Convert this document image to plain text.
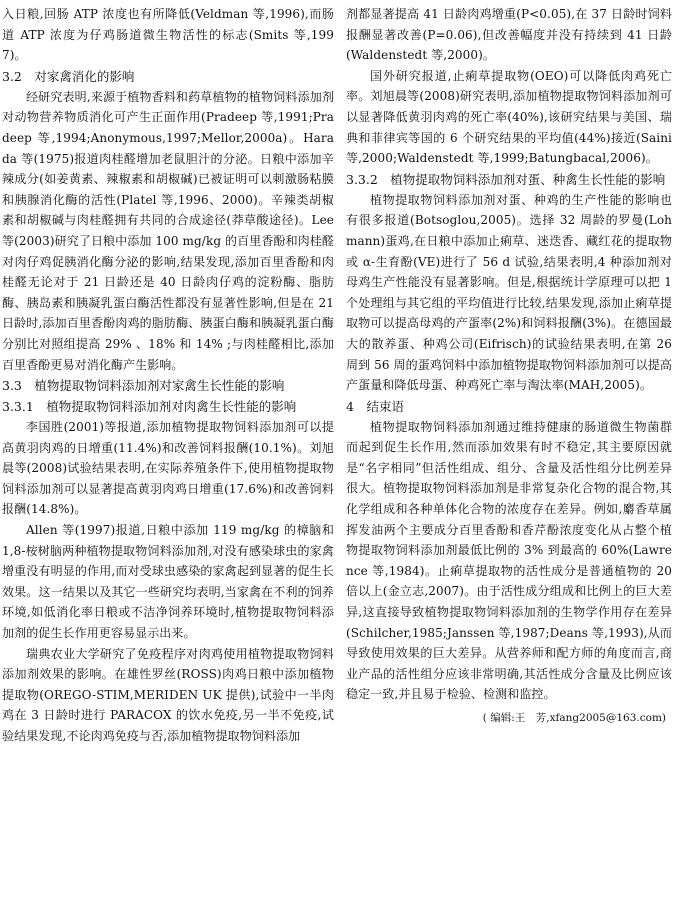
入日粮,回肠 ATP 浓度也有所降低(Veldman 等,1996),而肠道 ATP 浓度为仔鸡肠道微生物活性的标志(Smits 等,1997)。

3.2　对家禽消化的影响

经研究表明,来源于植物香料和药草植物的植物饲料添加剂对动物营养物质消化可产生正面作用(Pradeep 等,1991;Pradeep 等,1994;Anonymous,1997;Mellor,2000a)。Harada 等(1975)报道肉桂醛增加老鼠胆汁的分泌。日粮中添加辛辣成分(如姜黄素、辣椒素和胡椒碱)已被证明可以刺激肠粘膜和胰腺消化酶的活性(Platel 等,1996、2000)。辛辣类胡椒素和胡椒碱与肉桂醛拥有共同的合成途径(莽草酸途径)。Lee 等(2003)研究了日粮中添加 100 mg/kg 的百里香酚和肉桂醛对肉仔鸡促胰消化酶分泌的影响,结果发现,添加百里香酚和肉桂醛无论对于 21 日龄还是 40 日龄肉仔鸡的淀粉酶、脂肪酶、胰岛素和胰凝乳蛋白酶活性都没有显著性影响,但是在 21 日龄时,添加百里香酚肉鸡的脂肪酶、胰蛋白酶和胰凝乳蛋白酶分别比对照组提高 29% 、18% 和 14% ;与肉桂醛相比,添加百里香酚更易对消化酶产生影响。

3.3　植物提取物饲料添加剂对家禽生长性能的影响
3.3.1　植物提取物饲料添加剂对肉禽生长性能的影响

李国胜(2001)等报道,添加植物提取物饲料添加剂可以提高黄羽肉鸡的日增重(11.4%)和改善饲料报酬(10.1%)。刘旭晨等(2008)试验结果表明,在实际养殖条件下,使用植物提取物饲料添加剂可以显著提高黄羽肉鸡日增重(17.6%)和改善饲料报酬(14.8%)。

Allen 等(1997)报道,日粮中添加 119 mg/kg 的樟脑和 1,8-桉树脑两种植物提取物饲料添加剂,对没有感染球虫的家禽增重没有明显的作用,而对受球虫感染的家禽起到显著的促生长效果。这一结果以及其它一些研究均表明,当家禽在不利的饲养环境,如低消化率日粮或不洁净饲养环境时,植物提取物饲料添加剂的促生长作用更容易显示出来。

瑞典农业大学研究了免疫程序对肉鸡使用植物提取物饲料添加剂效果的影响。在雄性罗丝(ROSS)肉鸡日粮中添加植物提取物(OREGO-STIM,MERIDEN UK 提供),试验中一半肉鸡在 3 日龄时进行 PARACOX 的饮水免疫,另一半不免疫,试验结果发现,不论肉鸡免疫与否,添加植物提取物饲料添加

剂都显著提高 41 日龄肉鸡增重(P<0.05),在 37 日龄时饲料报酬显著改善(P=0.06),但改善幅度并没有持续到 41 日龄(Waldenstedt 等,2000)。

国外研究报道,止痢草提取物(OEO)可以降低肉鸡死亡率。刘旭晨等(2008)研究表明,添加植物提取物饲料添加剂可以显著降低黄羽肉鸡的死亡率(40%),该研究结果与美国、瑞典和菲律宾等国的 6 个研究结果的平均值(44%)接近(Saini 等,2000;Waldenstedt 等,1999;Batungbacal,2006)。

3.3.2　植物提取物饲料添加剂对蛋、种禽生长性能的影响

植物提取物饲料添加剂对蛋、种鸡的生产性能的影响也有很多报道(Botsoglou,2005)。选择 32 周龄的罗曼(Lohmann)蛋鸡,在日粮中添加止痢草、迷迭香、藏红花的提取物或 α-生育酚(VE)进行了 56 d 试验,结果表明,4 种添加剂对母鸡生产性能没有显著影响。但是,根据统计学原理可以把 1 个处理组与其它组的平均值进行比较,结果发现,添加止痢草提取物可以提高母鸡的产蛋率(2%)和饲料报酬(3%)。在德国最大的散养蛋、种鸡公司(Eifrisch)的试验结果表明,在第 26 周到 56 周的蛋鸡饲料中添加植物提取物饲料添加剂可以提高产蛋量和降低母蛋、种鸡死亡率与淘汰率(MAH,2005)。

4　结束语

植物提取物饲料添加剂通过维持健康的肠道微生物菌群而起到促生长作用,然而添加效果有时不稳定,其主要原因就是“名字相同”但活性组成、组分、含量及活性组分比例差异很大。植物提取物饲料添加剂是非常复杂化合物的混合物,其化学组成和各种单体化合物的浓度存在差异。例如,麝香草属挥发油两个主要成分百里香酚和香芹酚浓度变化从占整个植物提取物饲料添加剂最低比例的 3% 到最高的 60%(Lawrence 等,1984)。止痢草提取物的活性成分是普通植物的 20 倍以上(金立志,2007)。由于活性成分组成和比例上的巨大差异,这直接导致植物提取物饲料添加剂的生物学作用存在差异(Schilcher,1985;Janssen 等,1987;Deans 等,1993),从而导致使用效果的巨大差异。从营养师和配方师的角度而言,商业产品的活性组分应该非常明确,其活性成分含量及比例应该稳定一致,并且易于检验、检测和监控。

( 编辑:王　芳,xfang2005@163.com)
